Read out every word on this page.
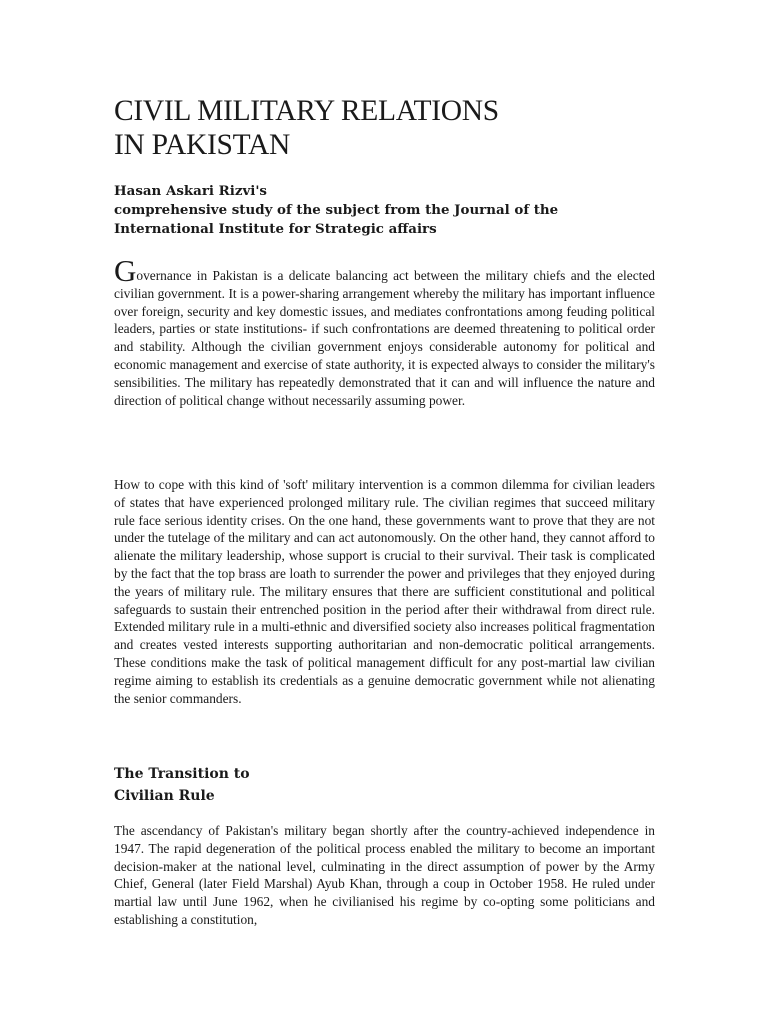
CIVIL MILITARY RELATIONS
IN PAKISTAN
Hasan Askari Rizvi's
comprehensive study of the subject from the Journal of the
International Institute for Strategic affairs

Governance in Pakistan is a delicate balancing act between the military chiefs and the elected civilian government. It is a power-sharing arrangement whereby the military has important influence over foreign, security and key domestic issues, and mediates confrontations among feuding political leaders, parties or state institutions- if such confrontations are deemed threatening to political order and stability. Although the civilian government enjoys considerable autonomy for political and economic management and exercise of state authority, it is expected always to consider the military's sensibilities. The military has repeatedly demonstrated that it can and will influence the nature and direction of political change without necessarily assuming power.

How to cope with this kind of 'soft' military intervention is a common dilemma for civilian leaders of states that have experienced prolonged military rule. The civilian regimes that succeed military rule face serious identity crises. On the one hand, these governments want to prove that they are not under the tutelage of the military and can act autonomously. On the other hand, they cannot afford to alienate the military leadership, whose support is crucial to their survival. Their task is complicated by the fact that the top brass are loath to surrender the power and privileges that they enjoyed during the years of military rule. The military ensures that there are sufficient constitutional and political safeguards to sustain their entrenched position in the period after their withdrawal from direct rule. Extended military rule in a multi-ethnic and diversified society also increases political fragmentation and creates vested interests supporting authoritarian and non-democratic political arrangements. These conditions make the task of political management difficult for any post-martial law civilian regime aiming to establish its credentials as a genuine democratic government while not alienating the senior commanders.

The Transition to
Civilian Rule

The ascendancy of Pakistan's military began shortly after the country-achieved independence in 1947. The rapid degeneration of the political process enabled the military to become an important decision-maker at the national level, culminating in the direct assumption of power by the Army Chief, General (later Field Marshal) Ayub Khan, through a coup in October 1958. He ruled under martial law until June 1962, when he civilianised his regime by co-opting some politicians and establishing a constitution,
